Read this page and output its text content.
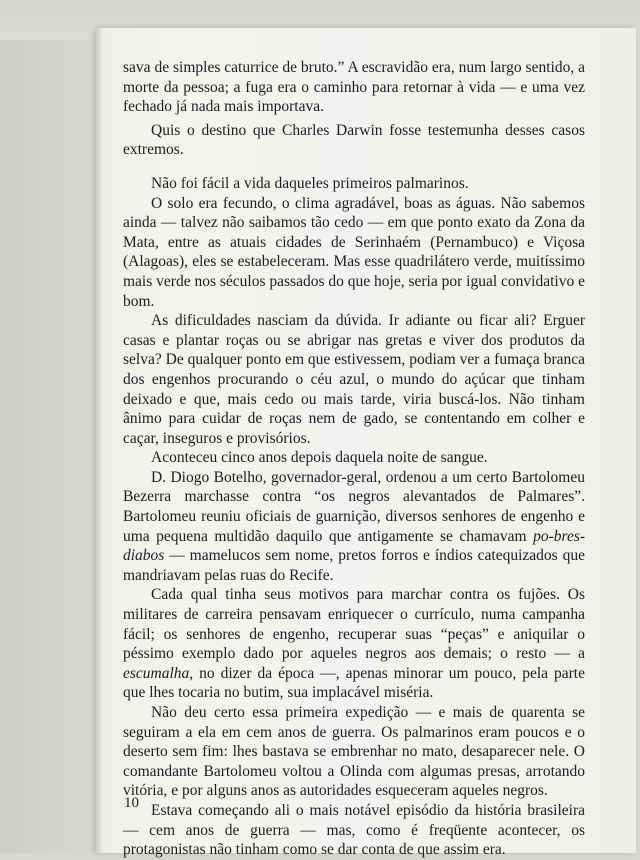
sava de simples caturrice de bruto.” A escravidão era, num largo sentido, a morte da pessoa; a fuga era o caminho para retornar à vida — e uma vez fechado já nada mais importava.

Quis o destino que Charles Darwin fosse testemunha desses casos extremos.

Não foi fácil a vida daqueles primeiros palmarinos.

O solo era fecundo, o clima agradável, boas as águas. Não sabemos ainda — talvez não saibamos tão cedo — em que ponto exato da Zona da Mata, entre as atuais cidades de Serinhaém (Pernambuco) e Viçosa (Alagoas), eles se estabeleceram. Mas esse quadrilátero verde, muitíssimo mais verde nos séculos passados do que hoje, seria por igual convidativo e bom.

As dificuldades nasciam da dúvida. Ir adiante ou ficar ali? Erguer casas e plantar roças ou se abrigar nas gretas e viver dos produtos da selva? De qualquer ponto em que estivessem, podiam ver a fumaça branca dos engenhos procurando o céu azul, o mundo do açúcar que tinham deixado e que, mais cedo ou mais tarde, viria buscá-los. Não tinham ânimo para cuidar de roças nem de gado, se contentando em colher e caçar, inseguros e provisórios.

Aconteceu cinco anos depois daquela noite de sangue.

D. Diogo Botelho, governador-geral, ordenou a um certo Bartolomeu Bezerra marchasse contra “os negros alevantados de Palmares”. Bartolomeu reuniu oficiais de guarnição, diversos senhores de engenho e uma pequena multidão daquilo que antigamente se chamavam po-bres-diabos — mamelucos sem nome, pretos forros e índios catequizados que mandriavam pelas ruas do Recife.

Cada qual tinha seus motivos para marchar contra os fujões. Os militares de carreira pensavam enriquecer o currículo, numa campanha fácil; os senhores de engenho, recuperar suas “peças” e aniquilar o péssimo exemplo dado por aqueles negros aos demais; o resto — a escumalha, no dizer da época —, apenas minorar um pouco, pela parte que lhes tocaria no butim, sua implacável miséria.

Não deu certo essa primeira expedição — e mais de quarenta se seguiram a ela em cem anos de guerra. Os palmarinos eram poucos e o deserto sem fim: lhes bastava se embrenhar no mato, desaparecer nele. O comandante Bartolomeu voltou a Olinda com algumas presas, arrotando vitória, e por alguns anos as autoridades esqueceram aqueles negros.

Estava começando ali o mais notável episódio da história brasileira — cem anos de guerra — mas, como é freqüente acontecer, os protagonistas não tinham como se dar conta de que assim era.

10
